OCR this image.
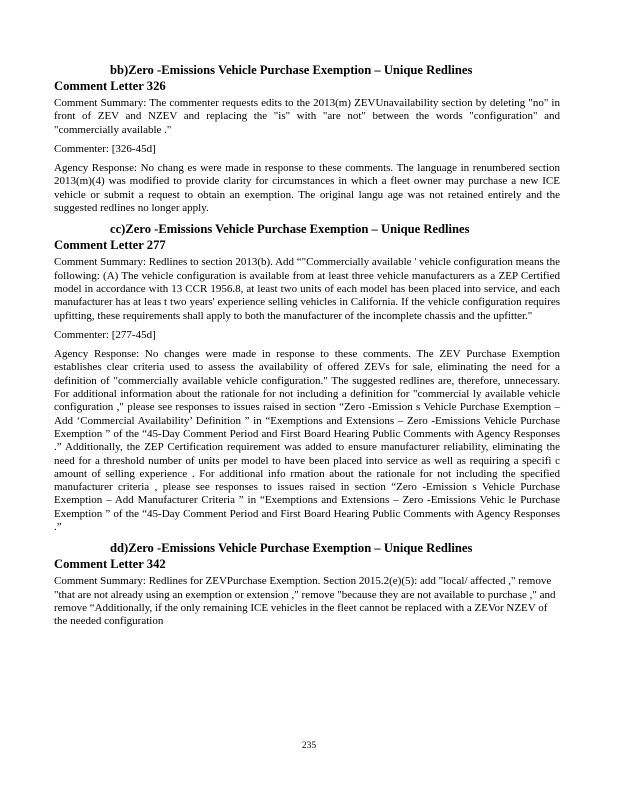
bb)Zero -Emissions Vehicle Purchase Exemption – Unique Redlines
Comment Letter 326

Comment Summary: The commenter requests edits to the 2013(m) ZEVUnavailability section by deleting "no" in front of ZEV and NZEV and replacing the "is" with "are not" between the words "configuration" and "commercially available ."

Commenter: [326-45d]

Agency Response: No chang es were made in response to these comments. The language in renumbered section 2013(m)(4) was modified to provide clarity for circumstances in which a fleet owner may purchase a new ICE vehicle or submit a request to obtain an exemption. The original langu age was not retained entirely and the suggested redlines no longer apply.

cc)Zero -Emissions Vehicle Purchase Exemption – Unique Redlines
Comment Letter 277

Comment Summary: Redlines to section 2013(b). Add “"Commercially available ' vehicle configuration means the following: (A) The vehicle configuration is available from at least three vehicle manufacturers as a ZEP Certified model in accordance with 13 CCR 1956.8, at least two units of each model has been placed into service, and each manufacturer has at leas t two years' experience selling vehicles in California. If the vehicle configuration requires upfitting, these requirements shall apply to both the manufacturer of the incomplete chassis and the upfitter."

Commenter: [277-45d]

Agency Response: No changes were made in response to these comments. The ZEV Purchase Exemption establishes clear criteria used to assess the availability of offered ZEVs for sale, eliminating the need for a definition of "commercially available vehicle configuration." The suggested redlines are, therefore, unnecessary. For additional information about the rationale for not including a definition for "commercial ly available vehicle configuration ," please see responses to issues raised in section “Zero -Emission s Vehicle Purchase Exemption – Add ‘Commercial Availability’ Definition ” in “Exemptions and Extensions – Zero -Emissions Vehicle Purchase Exemption ” of the “45-Day Comment Period and First Board Hearing Public Comments with Agency Responses .” Additionally, the ZEP Certification requirement was added to ensure manufacturer reliability, eliminating the need for a threshold number of units per model to have been placed into service as well as requiring a specifi c amount of selling experience . For additional info rmation about the rationale for not including the specified manufacturer criteria , please see responses to issues raised in section “Zero -Emission s Vehicle Purchase Exemption – Add Manufacturer Criteria ” in “Exemptions and Extensions – Zero -Emissions Vehic le Purchase Exemption ” of the “45-Day Comment Period and First Board Hearing Public Comments with Agency Responses .”

dd)Zero -Emissions Vehicle Purchase Exemption – Unique Redlines
Comment Letter 342

Comment Summary: Redlines for ZEVPurchase Exemption. Section 2015.2(e)(5): add "local/ affected ," remove "that are not already using an exemption or extension ," remove "because they are not available to purchase ," and remove “Additionally, if the only remaining ICE vehicles in the fleet cannot be replaced with a ZEVor NZEV of the needed configuration

235
